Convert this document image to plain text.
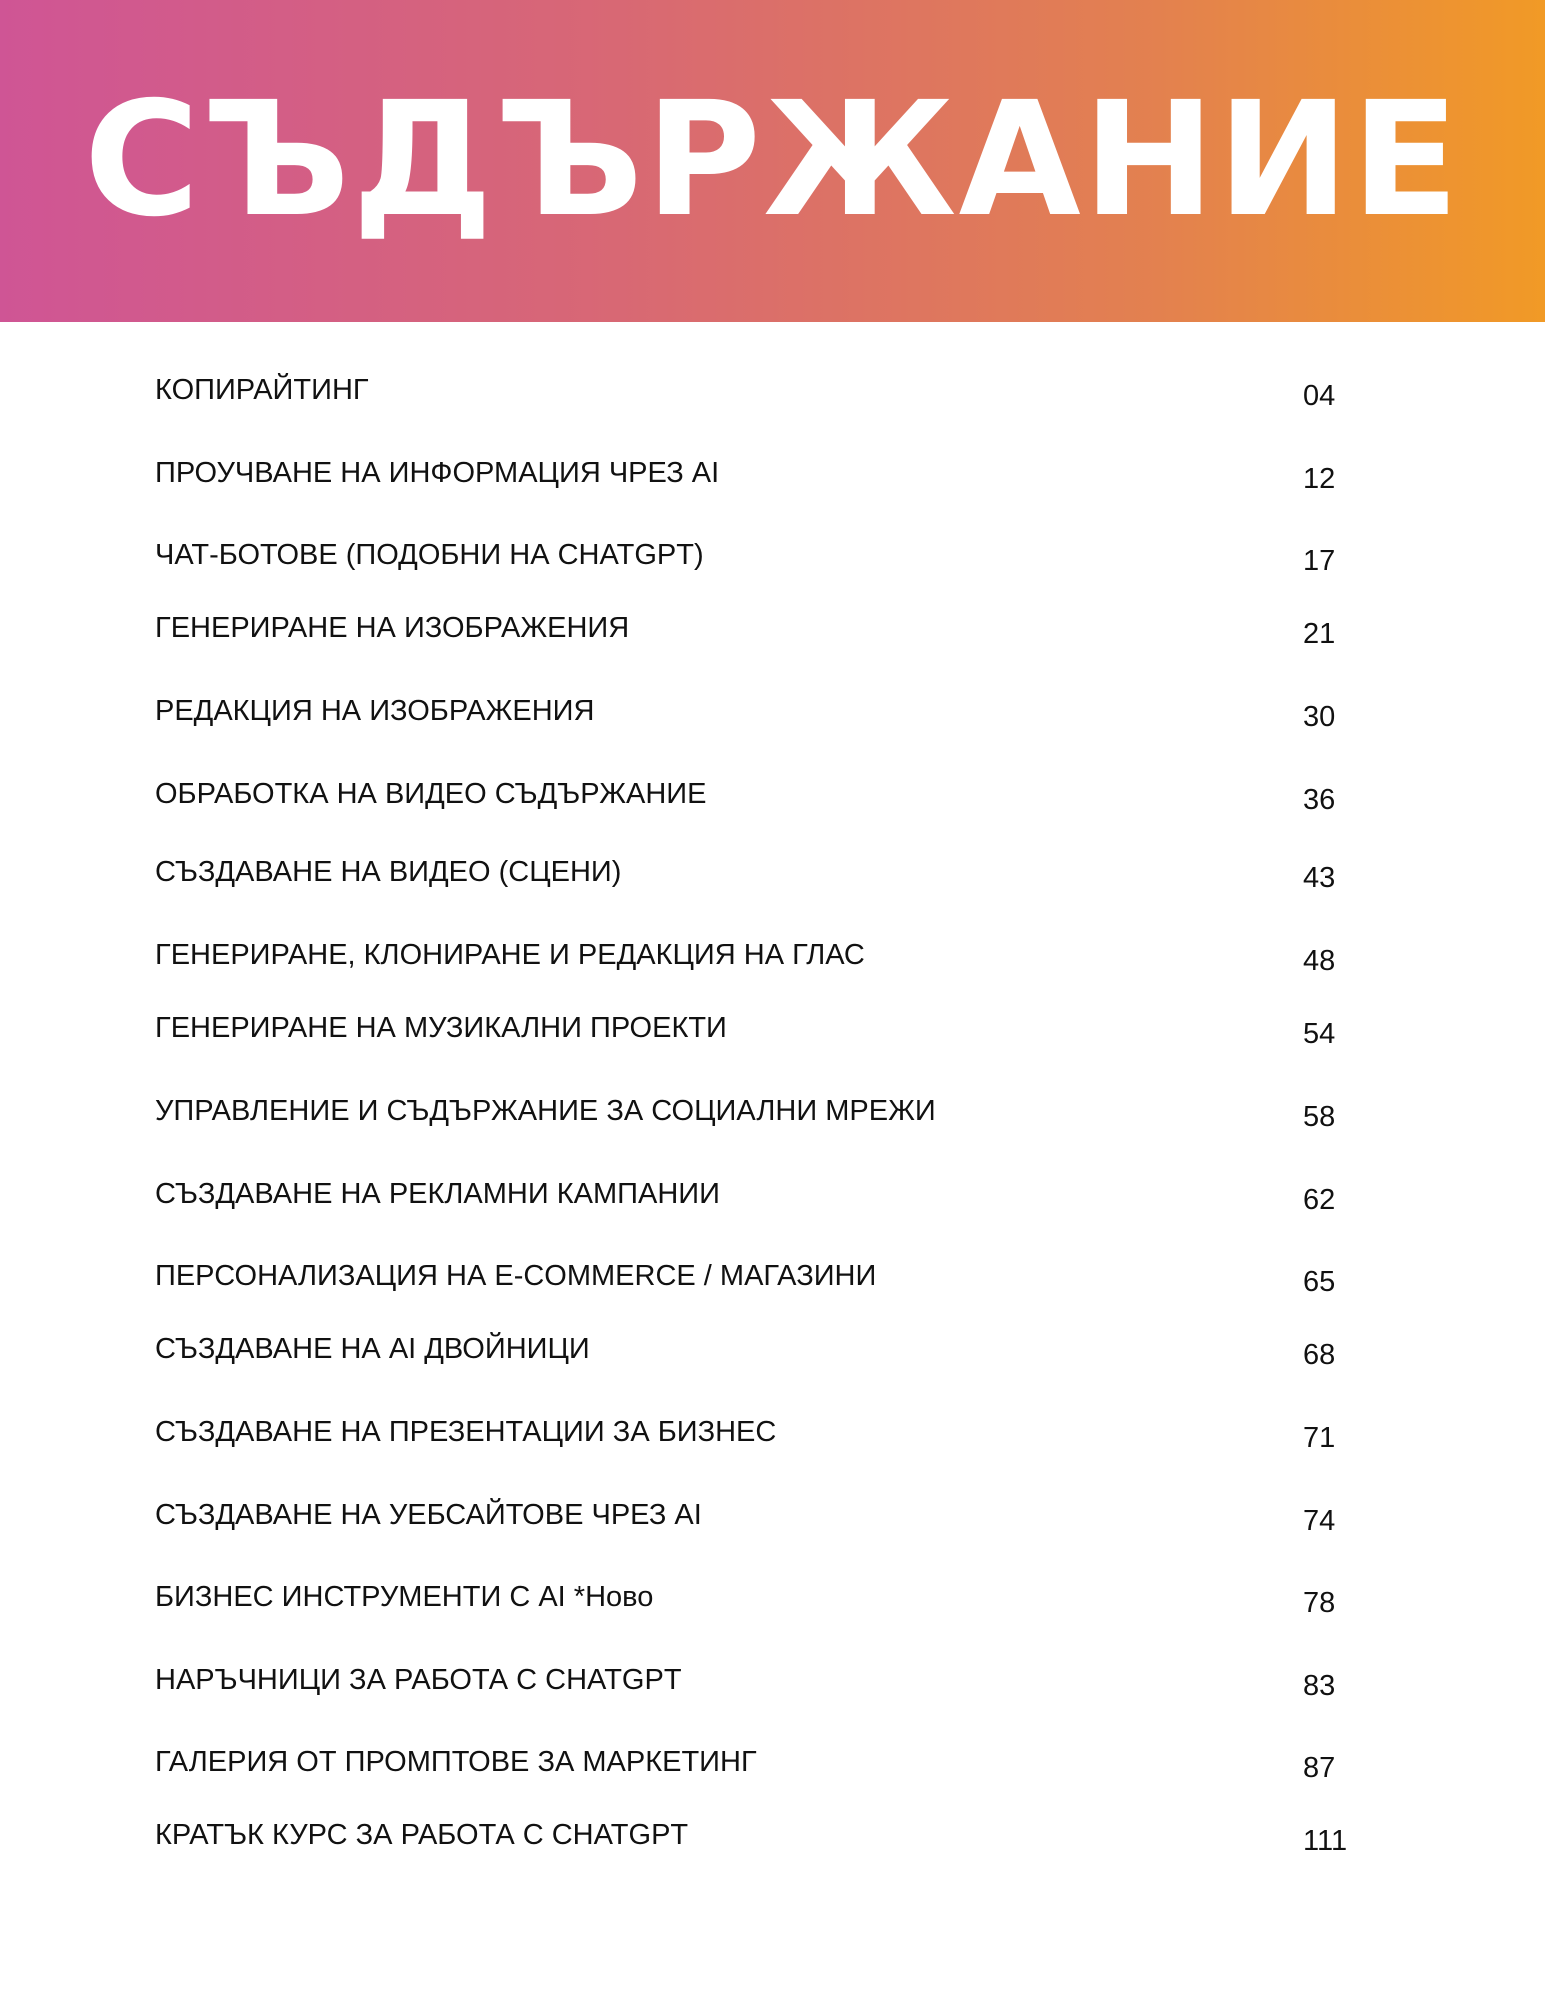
СЪДЪРЖАНИЕ
КОПИРАЙТИНГ	04
ПРОУЧВАНЕ НА ИНФОРМАЦИЯ ЧРЕЗ AI	12
ЧАТ-БОТОВЕ (ПОДОБНИ НА CHATGPT)	17
ГЕНЕРИРАНЕ НА ИЗОБРАЖЕНИЯ	21
РЕДАКЦИЯ НА ИЗОБРАЖЕНИЯ	30
ОБРАБОТКА НА ВИДЕО СЪДЪРЖАНИЕ	36
СЪЗДАВАНЕ НА ВИДЕО (СЦЕНИ)	43
ГЕНЕРИРАНЕ, КЛОНИРАНЕ И РЕДАКЦИЯ НА ГЛАС	48
ГЕНЕРИРАНЕ НА МУЗИКАЛНИ ПРОЕКТИ	54
УПРАВЛЕНИЕ И СЪДЪРЖАНИЕ ЗА СОЦИАЛНИ МРЕЖИ	58
СЪЗДАВАНЕ НА РЕКЛАМНИ КАМПАНИИ	62
ПЕРСОНАЛИЗАЦИЯ НА E-COMMERCE / МАГАЗИНИ	65
СЪЗДАВАНЕ НА AI ДВОЙНИЦИ	68
СЪЗДАВАНЕ НА ПРЕЗЕНТАЦИИ ЗА БИЗНЕС	71
СЪЗДАВАНЕ НА УЕБСАЙТОВЕ ЧРЕЗ AI	74
БИЗНЕС ИНСТРУМЕНТИ С AI *Ново	78
НАРЪЧНИЦИ ЗА РАБОТА С CHATGPT	83
ГАЛЕРИЯ ОТ ПРОМПТОВЕ ЗА МАРКЕТИНГ	87
КРАТЪК КУРС ЗА РАБОТА С CHATGPT	111
